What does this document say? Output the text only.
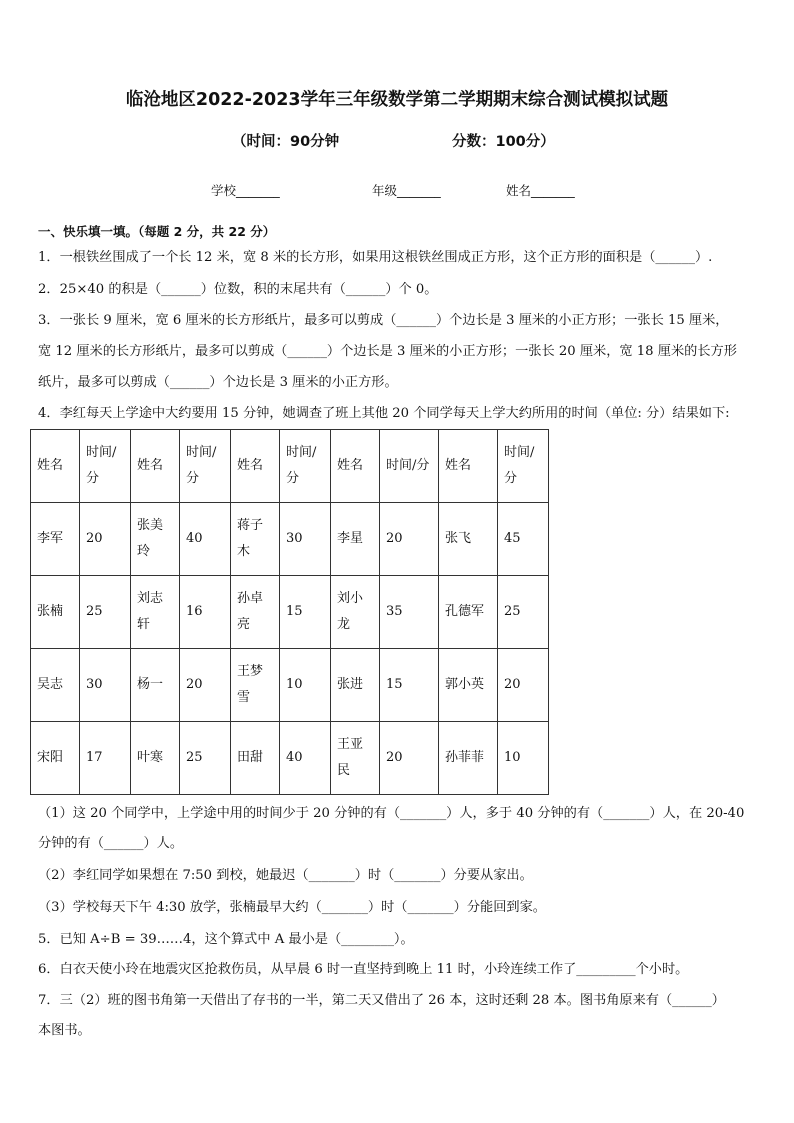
临沧地区2022-2023学年三年级数学第二学期期末综合测试模拟试题
（时间：90分钟	分数：100分）
学校_______	年级_______	姓名_______
一、快乐填一填。（每题 2 分，共 22 分）
1．一根铁丝围成了一个长 12 米，宽 8 米的长方形，如果用这根铁丝围成正方形，这个正方形的面积是（______）.
2．25×40 的积是（______）位数，积的末尾共有（______）个 0。
3．一张长 9 厘米，宽 6 厘米的长方形纸片，最多可以剪成（______）个边长是 3 厘米的小正方形；一张长 15 厘米，
宽 12 厘米的长方形纸片，最多可以剪成（______）个边长是 3 厘米的小正方形；一张长 20 厘米，宽 18 厘米的长方形
纸片，最多可以剪成（______）个边长是 3 厘米的小正方形。
4．李红每天上学途中大约要用 15 分钟，她调查了班上其他 20 个同学每天上学大约所用的时间（单位: 分）结果如下:
姓名	时间/分	姓名	时间/分	姓名	时间/分	姓名	时间/分	姓名	时间/分
李军	20	张美玲	40	蒋子木	30	李星	20	张飞	45
张楠	25	刘志轩	16	孙卓亮	15	刘小龙	35	孔德军	25
吴志	30	杨一	20	王梦雪	10	张进	15	郭小英	20
宋阳	17	叶寒	25	田甜	40	王亚民	20	孙菲菲	10
（1）这 20 个同学中，上学途中用的时间少于 20 分钟的有（_______）人，多于 40 分钟的有（_______）人，在 20-40
分钟的有（______）人。
（2）李红同学如果想在 7:50 到校，她最迟（_______）时（_______）分要从家出。
（3）学校每天下午 4:30 放学，张楠最早大约（_______）时（_______）分能回到家。
5．已知 A÷B = 39……4，这个算式中 A 最小是（________）。
6．白衣天使小玲在地震灾区抢救伤员，从早晨 6 时一直坚持到晚上 11 时，小玲连续工作了_________个小时。
7．三（2）班的图书角第一天借出了存书的一半，第二天又借出了 26 本，这时还剩 28 本。图书角原来有（______）
本图书。
